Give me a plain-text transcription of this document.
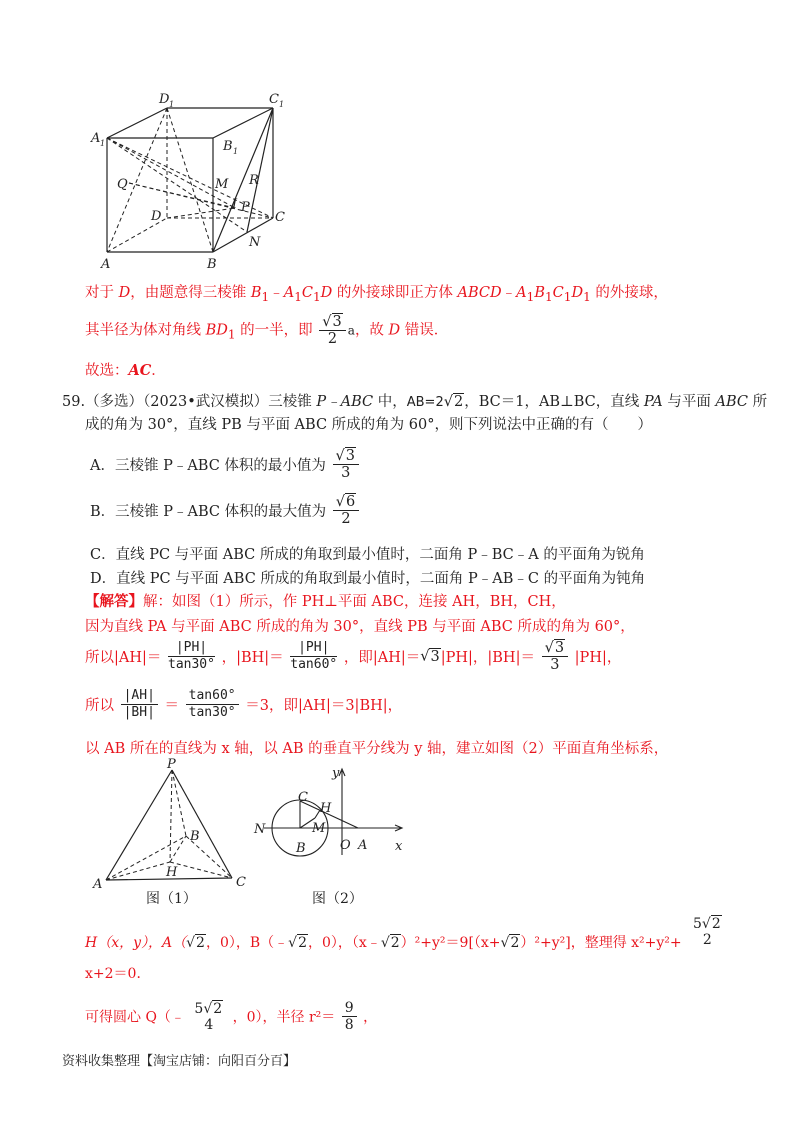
D 1	C 1
A 1	B 1
Q	M R
D
I P
C
N
A	B
对于 D，由题意得三棱锥 $B_1﹣A_1C_1D$ 的外接球即正方体 $ABCD﹣A_1B_1C_1D_1$ 的外接球，
其半径为体对角线 $BD_1$ 的一半，即 $\frac{√3}{2}$ a，故 D 错误．
故选：AC．
59.（多选）（2023•武汉模拟）三棱锥 P﹣ABC 中，AB=2√2，BC＝1，AB⊥BC，直线 PA 与平面 ABC 所
成的角为 30°，直线 PB 与平面 ABC 所成的角为 60°，则下列说法中正确的有（　　）
A．三棱锥 P﹣ABC 体积的最小值为 $\frac{√3}{3}$
B．三棱锥 P﹣ABC 体积的最大值为 $\frac{√6}{2}$
C．直线 PC 与平面 ABC 所成的角取到最小值时，二面角 P﹣BC﹣A 的平面角为锐角
D．直线 PC 与平面 ABC 所成的角取到最小值时，二面角 P﹣AB﹣C 的平面角为钝角
【解答】解：如图（1）所示，作 PH⊥平面 ABC，连接 AH，BH，CH，
因为直线 PA 与平面 ABC 所成的角为 30°，直线 PB 与平面 ABC 所成的角为 60°，
所以$|AH|= \frac{|PH|}{\tan 30^\circ}$ ，$|BH|= \frac{|PH|}{\tan 60^\circ}$ ，即|AH|＝√3|PH|，$|BH|= \frac{√3}{3} |PH|$，
所以 $\frac{|AH|}{|BH|} = \frac{\tan 60^\circ}{\tan 30^\circ} =3$，即|AH|＝3|BH|，
以 AB 所在的直线为 x 轴，以 AB 的垂直平分线为 y 轴，建立如图（2）平面直角坐标系，
P
B
H
A	C
图（1）
y
C
H
N	M
B	O A x
图（2）
H（x，y），A（√2，0），B（﹣√2，0），（x﹣√2）²+y²＝9[（x+√2）²+y²]，整理得 x²+y²+
5√2
2
x+2＝0．
可得圆心 Q（﹣
5√2
4	，0），半径 $r^2= \frac{9}{8}$ ，
资料收集整理【淘宝店铺：向阳百分百】
